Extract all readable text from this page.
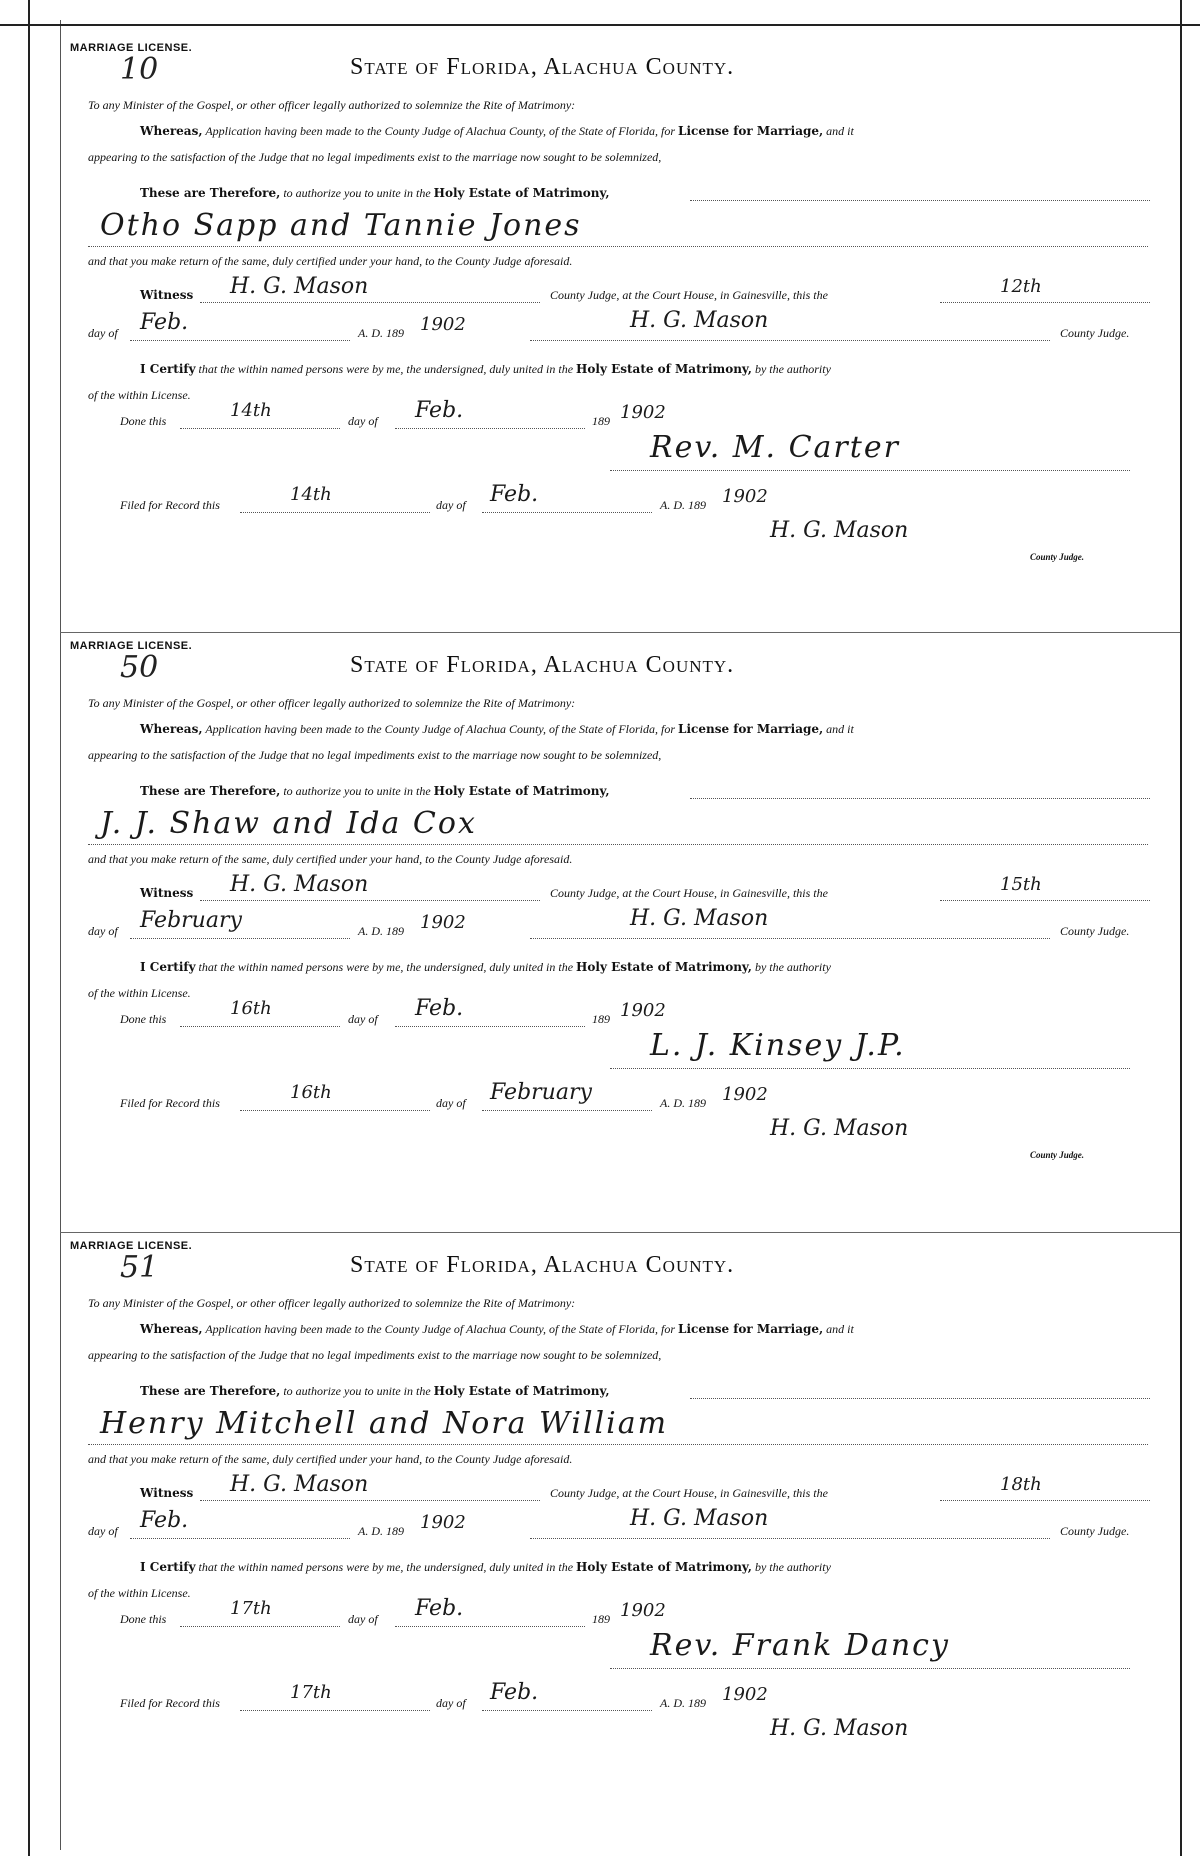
MARRIAGE LICENSE.
10	State of Florida, Alachua County.
To any Minister of the Gospel, or other officer legally authorized to solemnize the Rite of Matrimony:
Whereas, Application having been made to the County Judge of Alachua County, of the State of Florida, for License for Marriage, and it
appearing to the satisfaction of the Judge that no legal impediments exist to the marriage now sought to be solemnized,
These are Therefore, to authorize you to unite in the Holy Estate of Matrimony,
Otho Sapp and Tannie Jones
and that you make return of the same, duly certified under your hand, to the County Judge aforesaid.
Witness H. G. Mason	County Judge, at the Court House, in Gainesville, this the	12th
day of Feb.	A. D. 189 1902	H. G. Mason	County Judge.
I Certify that the within named persons were by me, the undersigned, duly united in the Holy Estate of Matrimony, by the authority
of the within License.
Done this	14th	day of Feb.	189 1902
Rev. M. Carter
Filed for Record this	14th	day of Feb.	A. D. 189 1902
H. G. Mason
County Judge.
MARRIAGE LICENSE.
50	State of Florida, Alachua County.
To any Minister of the Gospel, or other officer legally authorized to solemnize the Rite of Matrimony:
Whereas, Application having been made to the County Judge of Alachua County, of the State of Florida, for License for Marriage, and it
appearing to the satisfaction of the Judge that no legal impediments exist to the marriage now sought to be solemnized,
These are Therefore, to authorize you to unite in the Holy Estate of Matrimony,
J. J. Shaw and Ida Cox
and that you make return of the same, duly certified under your hand, to the County Judge aforesaid.
Witness H. G. Mason	County Judge, at the Court House, in Gainesville, this the	15th
day of February	A. D. 189 1902	H. G. Mason	County Judge.
I Certify that the within named persons were by me, the undersigned, duly united in the Holy Estate of Matrimony, by the authority
of the within License.
Done this	16th	day of Feb.	189 1902
L. J. Kinsey J.P.
Filed for Record this	16th	day of February	A. D. 189 1902
H. G. Mason
County Judge.
MARRIAGE LICENSE.
51	State of Florida, Alachua County.
To any Minister of the Gospel, or other officer legally authorized to solemnize the Rite of Matrimony:
Whereas, Application having been made to the County Judge of Alachua County, of the State of Florida, for License for Marriage, and it
appearing to the satisfaction of the Judge that no legal impediments exist to the marriage now sought to be solemnized,
These are Therefore, to authorize you to unite in the Holy Estate of Matrimony,
Henry Mitchell and Nora William
and that you make return of the same, duly certified under your hand, to the County Judge aforesaid.
Witness H. G. Mason	County Judge, at the Court House, in Gainesville, this the	18th
day of Feb.	A. D. 189 1902	H. G. Mason	County Judge.
I Certify that the within named persons were by me, the undersigned, duly united in the Holy Estate of Matrimony, by the authority
of the within License.
Done this	17th	day of Feb.	189 1902
Rev. Frank Dancy
Filed for Record this	17th	day of Feb.	A. D. 189 1902
H. G. Mason
